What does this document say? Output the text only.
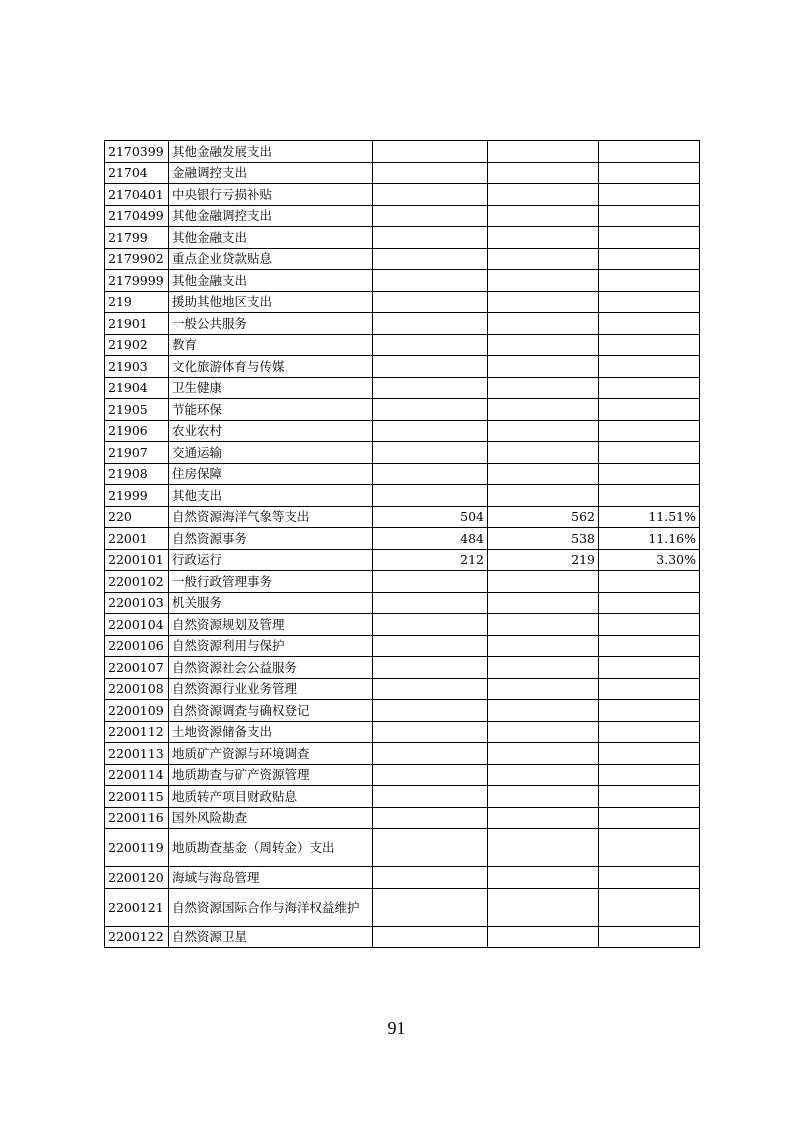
2170399	其他金融发展支出			
21704	金融调控支出			
2170401	中央银行亏损补贴			
2170499	其他金融调控支出			
21799	其他金融支出			
2179902	重点企业贷款贴息			
2179999	其他金融支出			
219	援助其他地区支出			
21901	一般公共服务			
21902	教育			
21903	文化旅游体育与传媒			
21904	卫生健康			
21905	节能环保			
21906	农业农村			
21907	交通运输			
21908	住房保障			
21999	其他支出			
220	自然资源海洋气象等支出	504	562	11.51%
22001	自然资源事务	484	538	11.16%
2200101	行政运行	212	219	3.30%
2200102	一般行政管理事务			
2200103	机关服务			
2200104	自然资源规划及管理			
2200106	自然资源利用与保护			
2200107	自然资源社会公益服务			
2200108	自然资源行业业务管理			
2200109	自然资源调查与确权登记			
2200112	土地资源储备支出			
2200113	地质矿产资源与环境调查			
2200114	地质勘查与矿产资源管理			
2200115	地质转产项目财政贴息			
2200116	国外风险勘查			
2200119	地质勘查基金（周转金）支出			
2200120	海域与海岛管理			
2200121	自然资源国际合作与海洋权益维护			
2200122	自然资源卫星			
91
